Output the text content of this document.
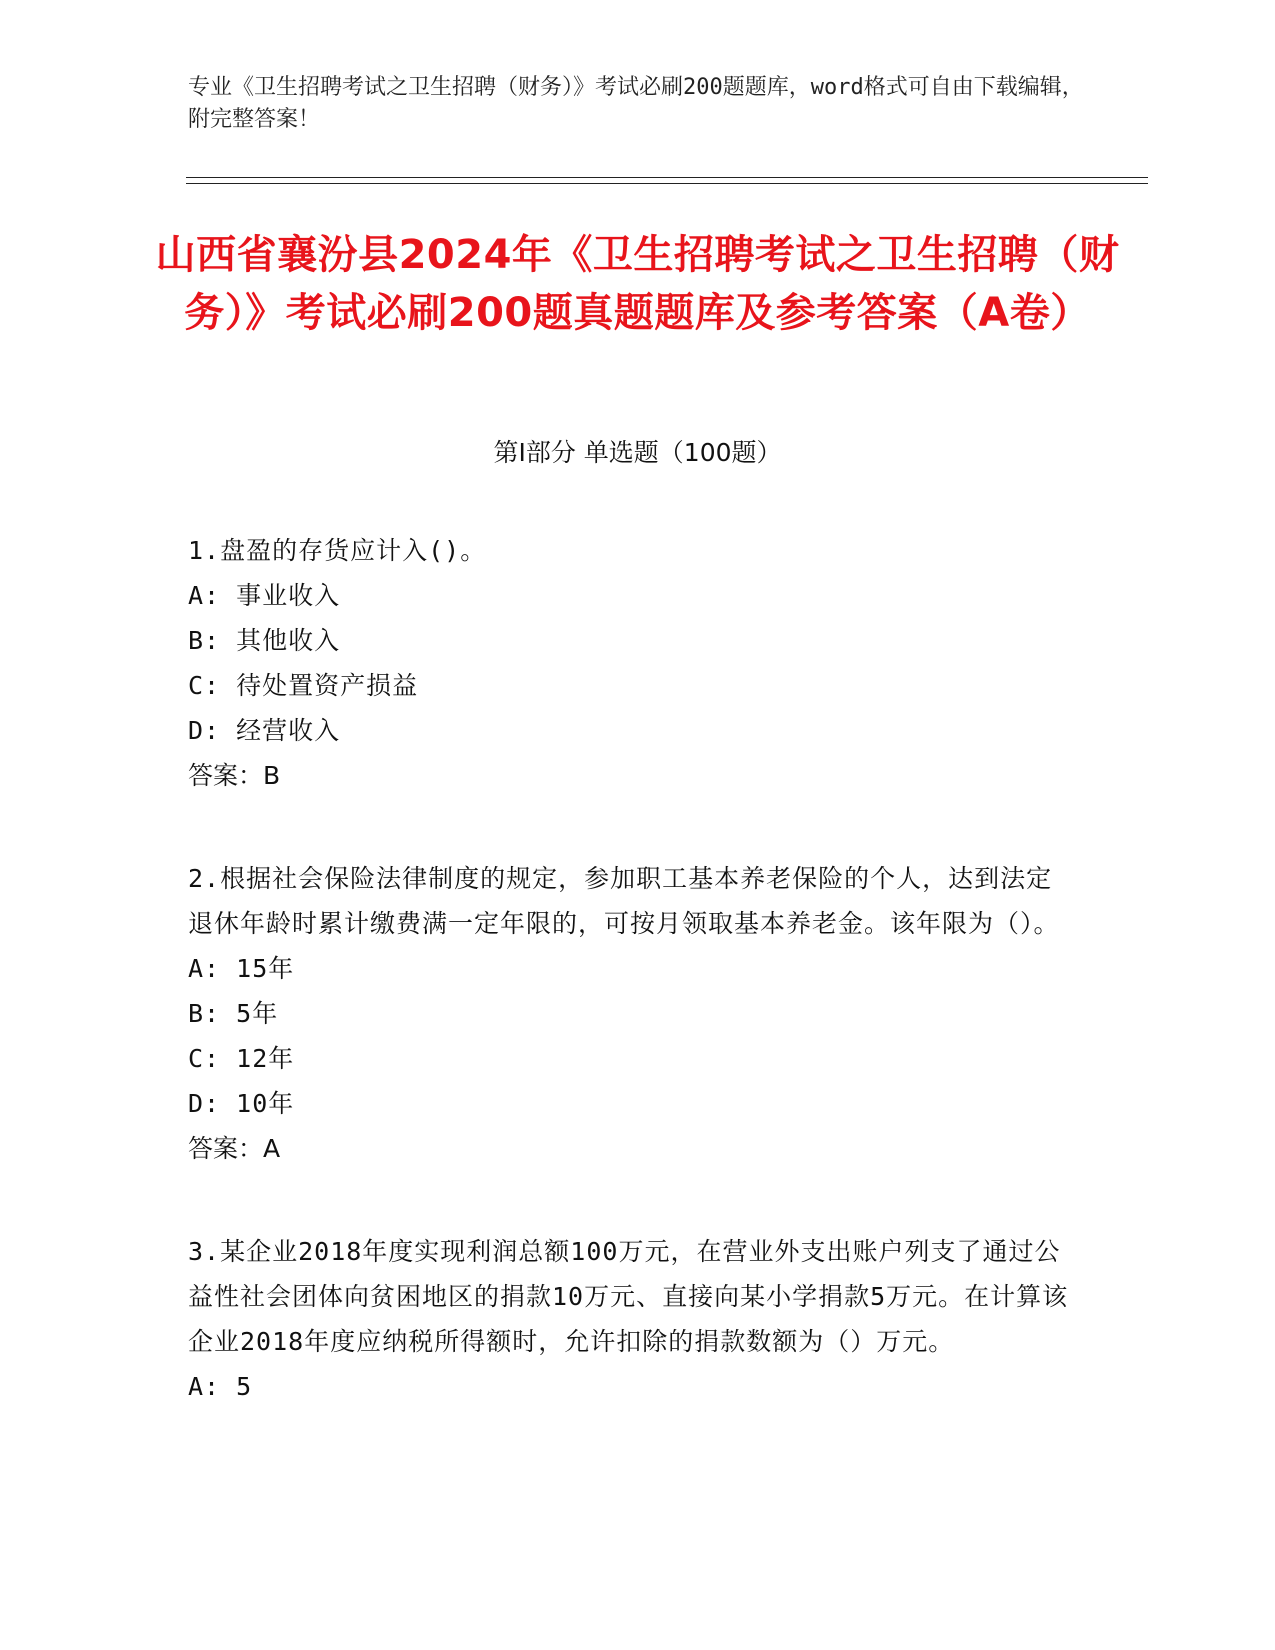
专业《卫生招聘考试之卫生招聘（财务）》考试必刷200题题库，word格式可自由下载编辑，附完整答案！
山西省襄汾县2024年《卫生招聘考试之卫生招聘（财务）》考试必刷200题真题题库及参考答案（A卷）
第Ⅰ部分 单选题（100题）

1.盘盈的存货应计入()。

A: 事业收入

B: 其他收入

C: 待处置资产损益

D: 经营收入

答案：B

2.根据社会保险法律制度的规定，参加职工基本养老保险的个人，达到法定退休年龄时累计缴费满一定年限的，可按月领取基本养老金。该年限为（）。

A: 15年

B: 5年

C: 12年

D: 10年

答案：A

3.某企业2018年度实现利润总额100万元，在营业外支出账户列支了通过公益性社会团体向贫困地区的捐款10万元、直接向某小学捐款5万元。在计算该企业2018年度应纳税所得额时，允许扣除的捐款数额为（）万元。

A: 5
